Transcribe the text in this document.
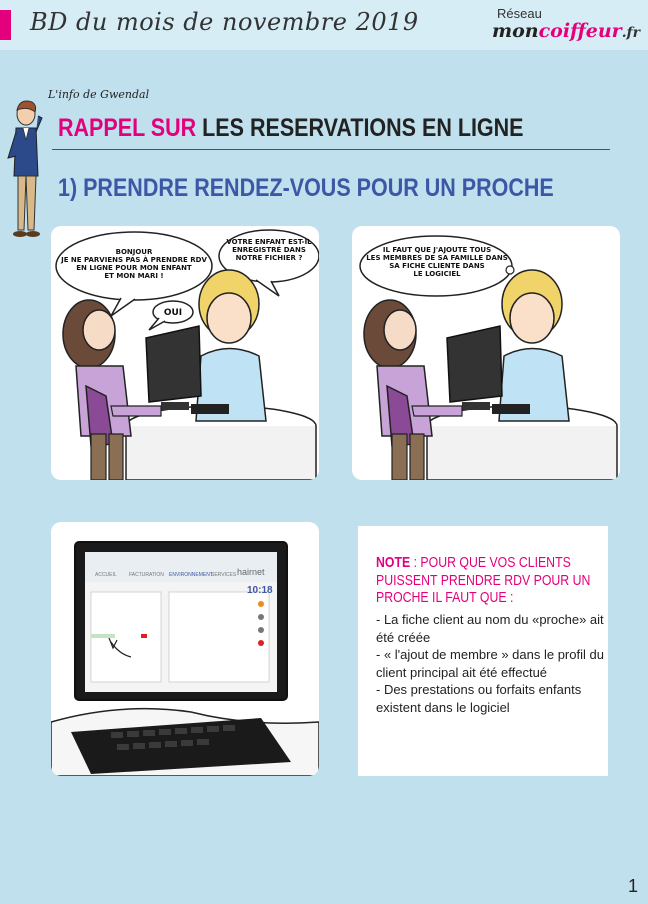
BD du mois de novembre 2019	Réseau
moncoiffeur.fr
L'info de Gwendal
RAPPEL SUR LES RESERVATIONS EN LIGNE
1) PRENDRE RENDEZ-VOUS POUR UN PROCHE
BONJOUR
JE NE PARVIENS PAS À PRENDRE RDV
EN LIGNE POUR MON ENFANT
ET MON MARI !
VOTRE ENFANT EST-IL
ENREGISTRÉ DANS
NOTRE FICHIER ?
OUI
IL FAUT QUE J'AJOUTE TOUS
LES MEMBRES DE SA FAMILLE DANS
SA FICHE CLIENTE DANS
LE LOGICIEL
ACCUEIL FACTURATION ENVIRONNEMENT
SERVICES hairnet
10:18
NOTE : POUR QUE VOS CLIENTS PUISSENT PRENDRE RDV POUR UN PROCHE IL FAUT QUE :
- La fiche client au nom du «proche» ait été créée
- « l'ajout de membre » dans le profil du client principal ait été effectué
- Des prestations ou forfaits enfants existent dans le logiciel
1
